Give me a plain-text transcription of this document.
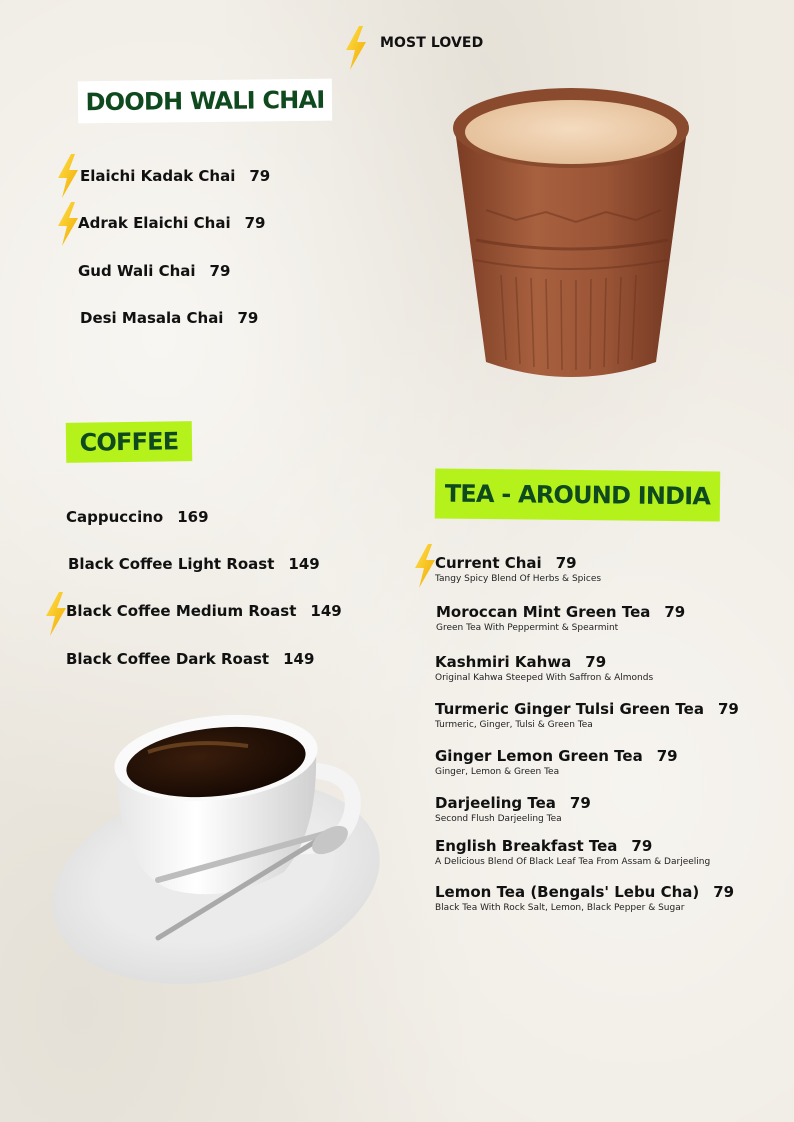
MOST LOVED
DOODH WALI CHAI
Elaichi Kadak Chai 79
Adrak Elaichi Chai 79
Gud Wali Chai 79
Desi Masala Chai 79
COFFEE
Cappuccino 169
Black Coffee Light Roast 149
Black Coffee Medium Roast 149
Black Coffee Dark Roast 149
TEA - AROUND INDIA
Current Chai 79
Tangy Spicy Blend Of Herbs & Spices
Moroccan Mint Green Tea 79
Green Tea With Peppermint & Spearmint
Kashmiri Kahwa 79
Original Kahwa Steeped With Saffron & Almonds
Turmeric Ginger Tulsi Green Tea 79
Turmeric, Ginger, Tulsi & Green Tea
Ginger Lemon Green Tea 79
Ginger, Lemon & Green Tea
Darjeeling Tea 79
Second Flush Darjeeling Tea
English Breakfast Tea 79
A Delicious Blend Of Black Leaf Tea From Assam & Darjeeling
Lemon Tea (Bengals' Lebu Cha) 79
Black Tea With Rock Salt, Lemon, Black Pepper & Sugar
